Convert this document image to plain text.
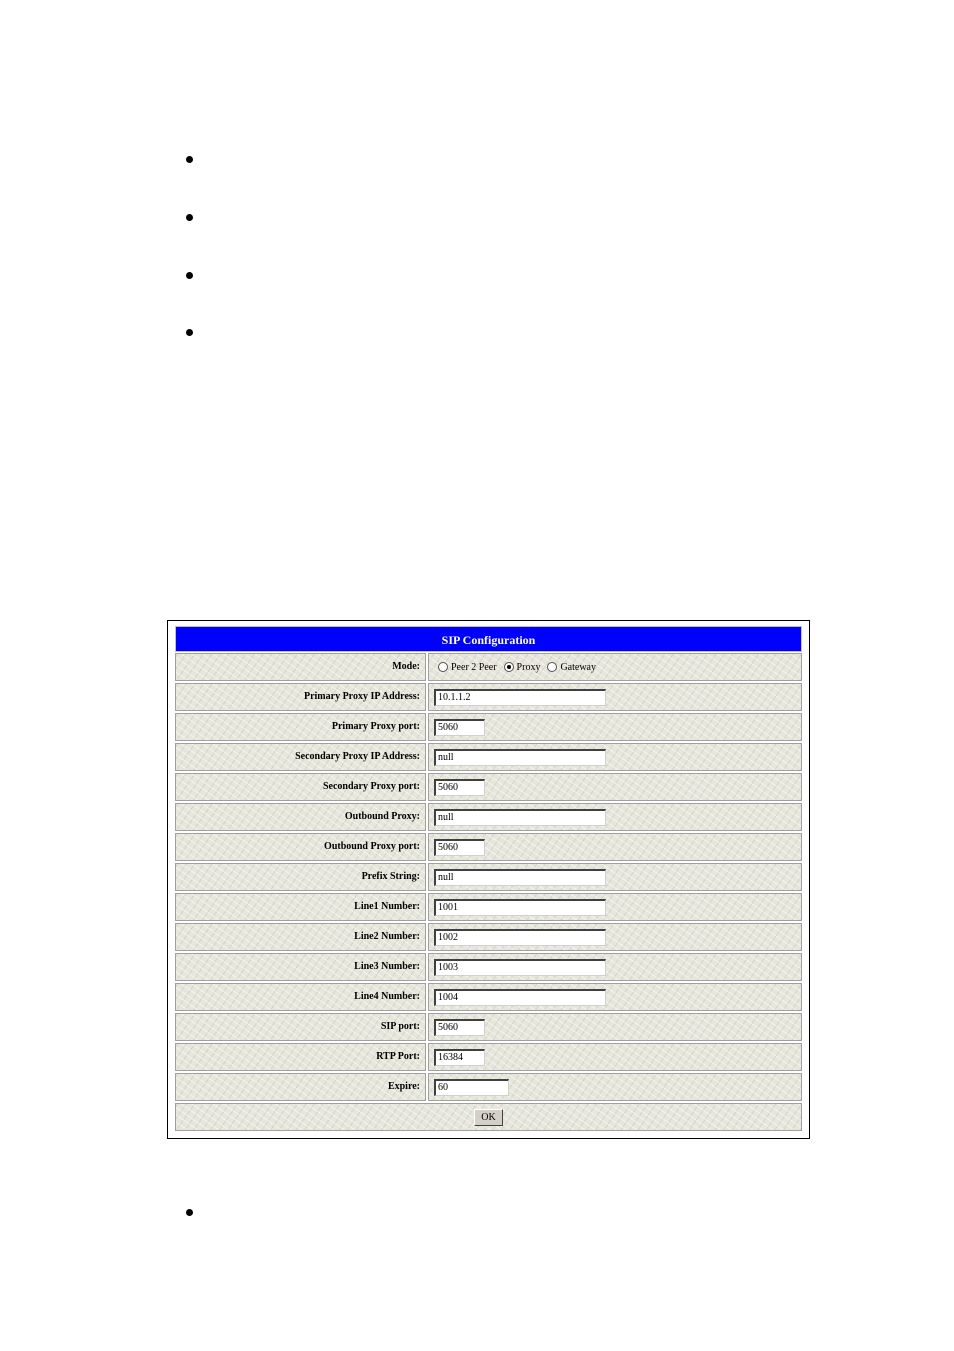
SIP Configuration
Mode:	Peer 2 Peer Proxy Gateway
Primary Proxy IP Address:	10.1.1.2
Primary Proxy port:	5060
Secondary Proxy IP Address:	null
Secondary Proxy port:	5060
Outbound Proxy:	null
Outbound Proxy port:	5060
Prefix String:	null
Line1 Number:	1001
Line2 Number:	1002
Line3 Number:	1003
Line4 Number:	1004
SIP port:	5060
RTP Port:	16384
Expire:	60
OK
